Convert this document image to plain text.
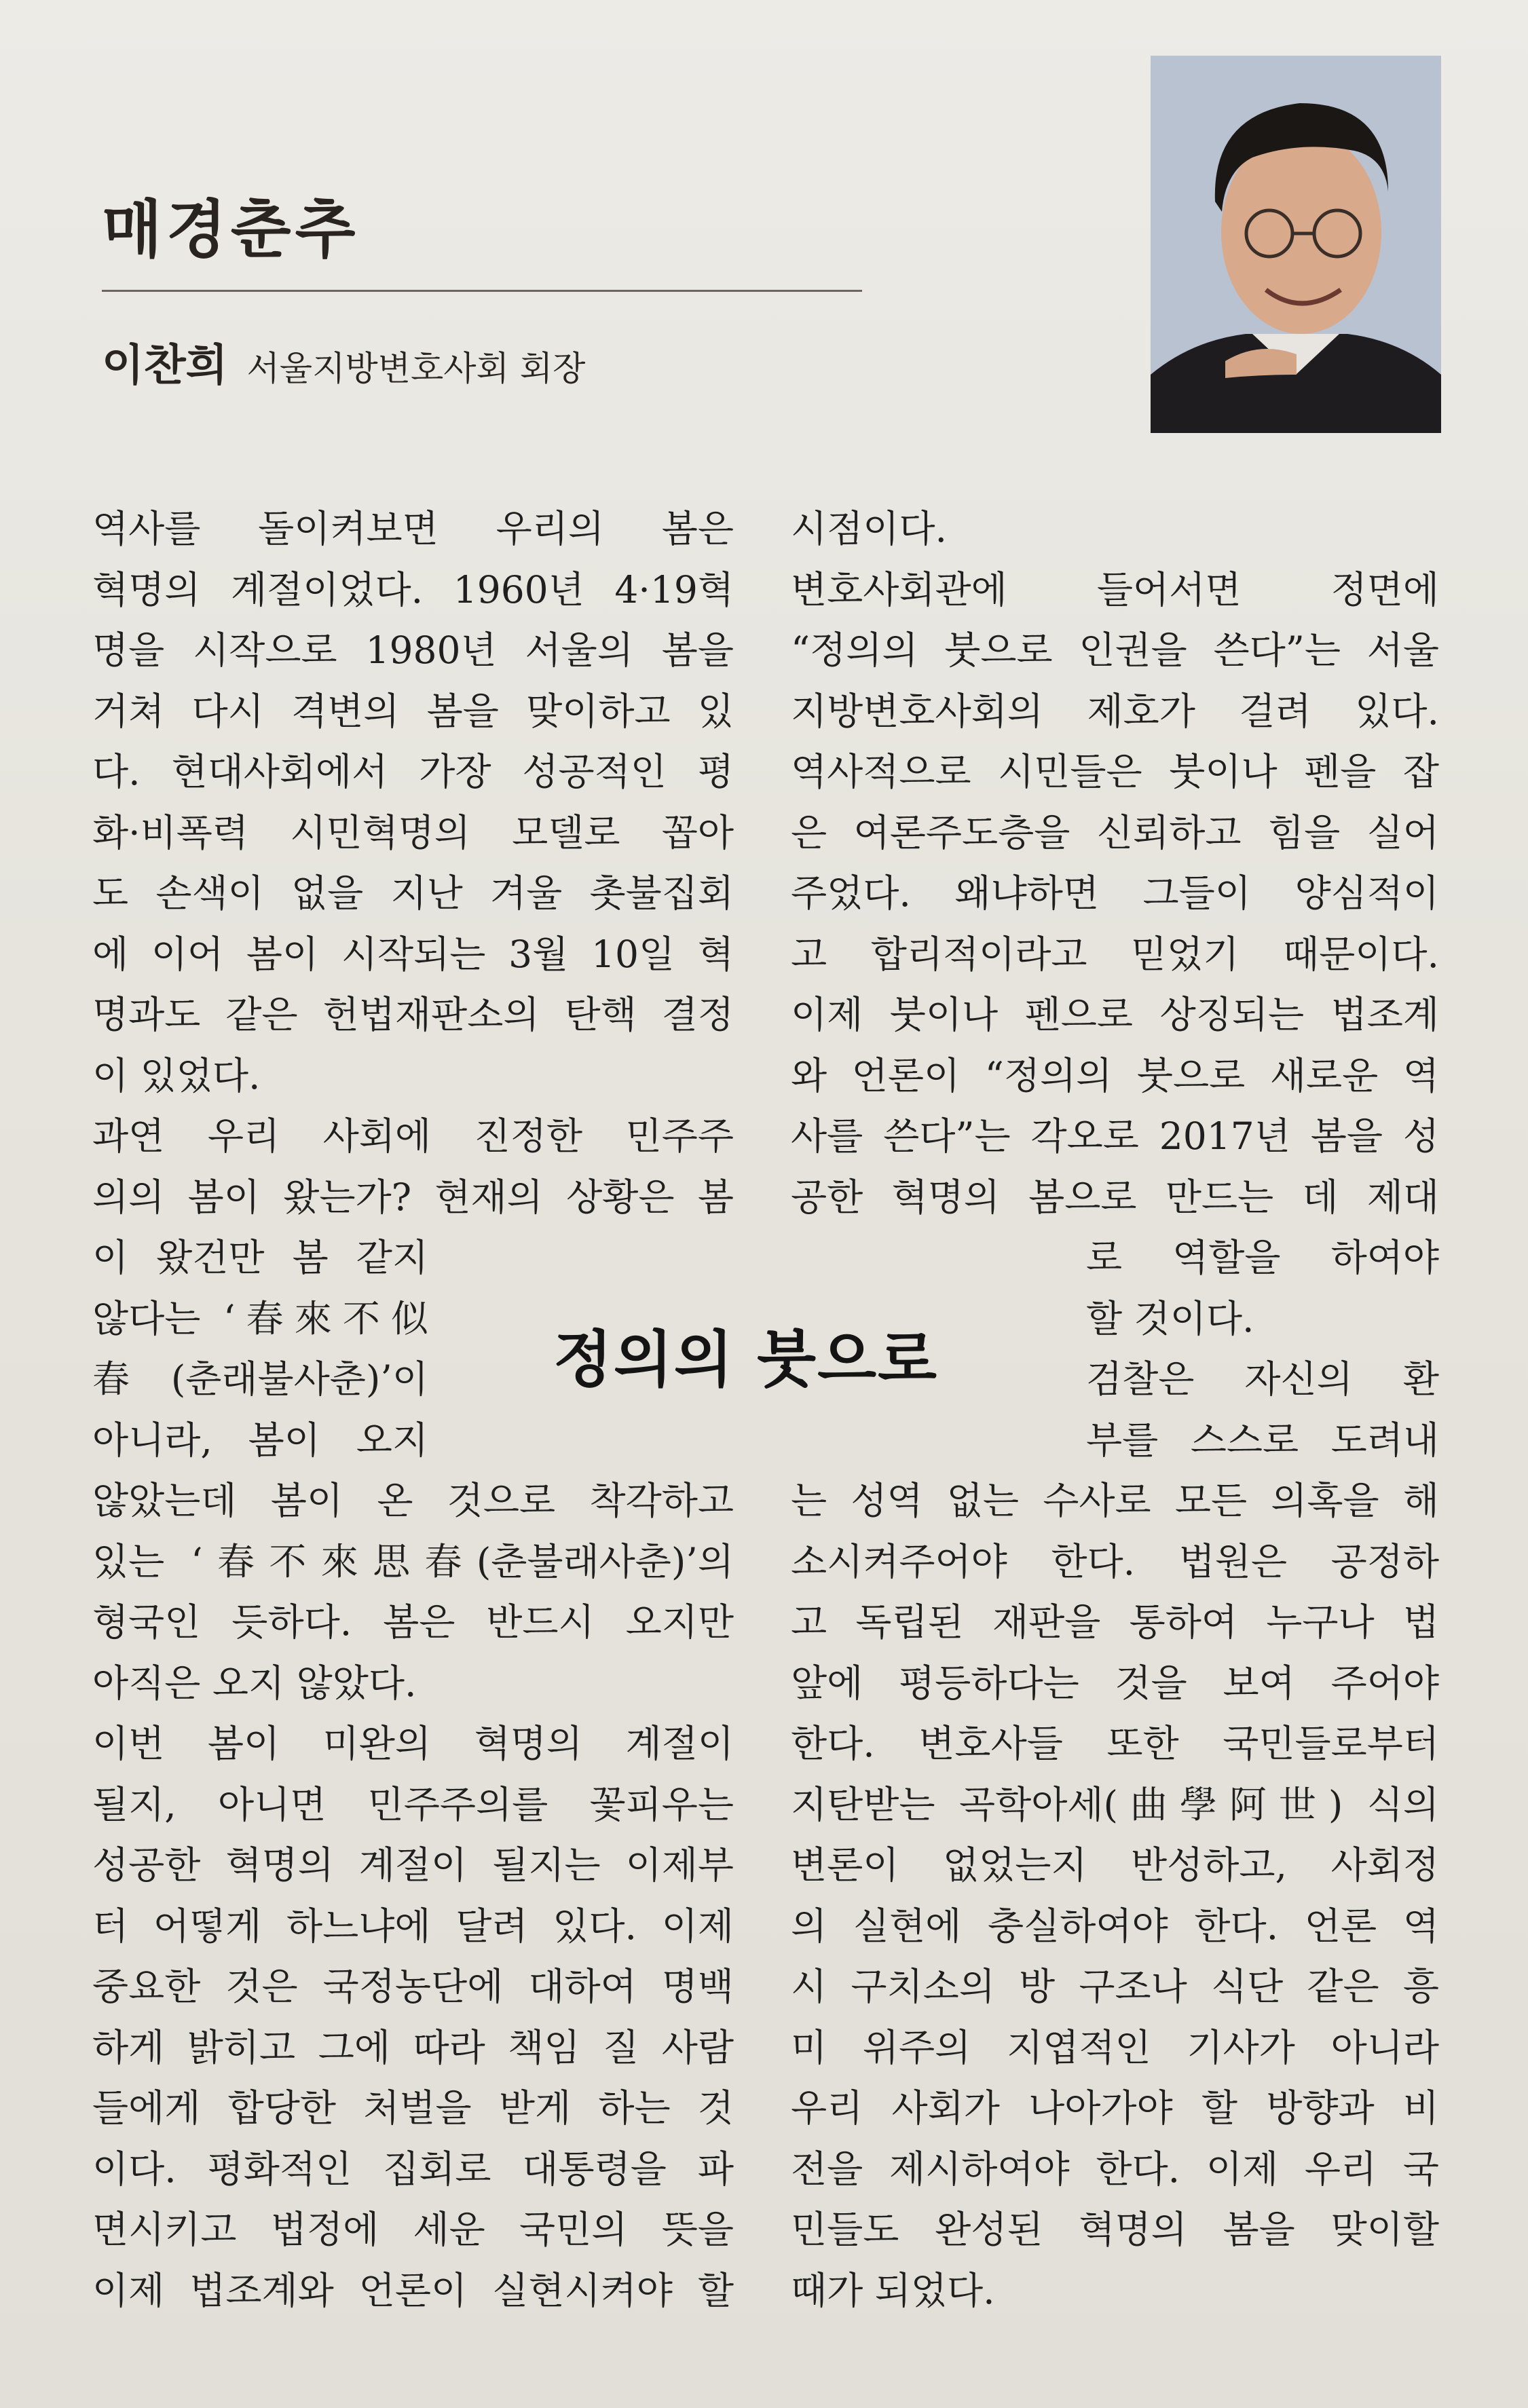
매경춘추
이찬희 서울지방변호사회 회장
역사를 돌이켜보면 우리의 봄은
혁명의 계절이었다. 1960년 4·19혁
명을 시작으로 1980년 서울의 봄을
거쳐 다시 격변의 봄을 맞이하고 있
다. 현대사회에서 가장 성공적인 평
화·비폭력 시민혁명의 모델로 꼽아
도 손색이 없을 지난 겨울 촛불집회
에 이어 봄이 시작되는 3월 10일 혁
명과도 같은 헌법재판소의 탄핵 결정
이 있었다.
과연 우리 사회에 진정한 민주주
의의 봄이 왔는가? 현재의 상황은 봄
이 왔건만 봄 같지
않다는 ‘春來不似
春(춘래불사춘)’이
아니라, 봄이 오지
않았는데 봄이 온 것으로 착각하고
있는 ‘春不來思春(춘불래사춘)’의
형국인 듯하다. 봄은 반드시 오지만
아직은 오지 않았다.
이번 봄이 미완의 혁명의 계절이
될지, 아니면 민주주의를 꽃피우는
성공한 혁명의 계절이 될지는 이제부
터 어떻게 하느냐에 달려 있다. 이제
중요한 것은 국정농단에 대하여 명백
하게 밝히고 그에 따라 책임 질 사람
들에게 합당한 처벌을 받게 하는 것
이다. 평화적인 집회로 대통령을 파
면시키고 법정에 세운 국민의 뜻을
이제 법조계와 언론이 실현시켜야 할
정의의 붓으로
시점이다.
변호사회관에 들어서면 정면에
“정의의 붓으로 인권을 쓴다”는 서울
지방변호사회의 제호가 걸려 있다.
역사적으로 시민들은 붓이나 펜을 잡
은 여론주도층을 신뢰하고 힘을 실어
주었다. 왜냐하면 그들이 양심적이
고 합리적이라고 믿었기 때문이다.
이제 붓이나 펜으로 상징되는 법조계
와 언론이 “정의의 붓으로 새로운 역
사를 쓴다”는 각오로 2017년 봄을 성
공한 혁명의 봄으로 만드는 데 제대
로 역할을 하여야
할 것이다.
검찰은 자신의 환
부를 스스로 도려내
는 성역 없는 수사로 모든 의혹을 해
소시켜주어야 한다. 법원은 공정하
고 독립된 재판을 통하여 누구나 법
앞에 평등하다는 것을 보여 주어야
한다. 변호사들 또한 국민들로부터
지탄받는 곡학아세(曲學阿世) 식의
변론이 없었는지 반성하고, 사회정
의 실현에 충실하여야 한다. 언론 역
시 구치소의 방 구조나 식단 같은 흥
미 위주의 지엽적인 기사가 아니라
우리 사회가 나아가야 할 방향과 비
전을 제시하여야 한다. 이제 우리 국
민들도 완성된 혁명의 봄을 맞이할
때가 되었다.
